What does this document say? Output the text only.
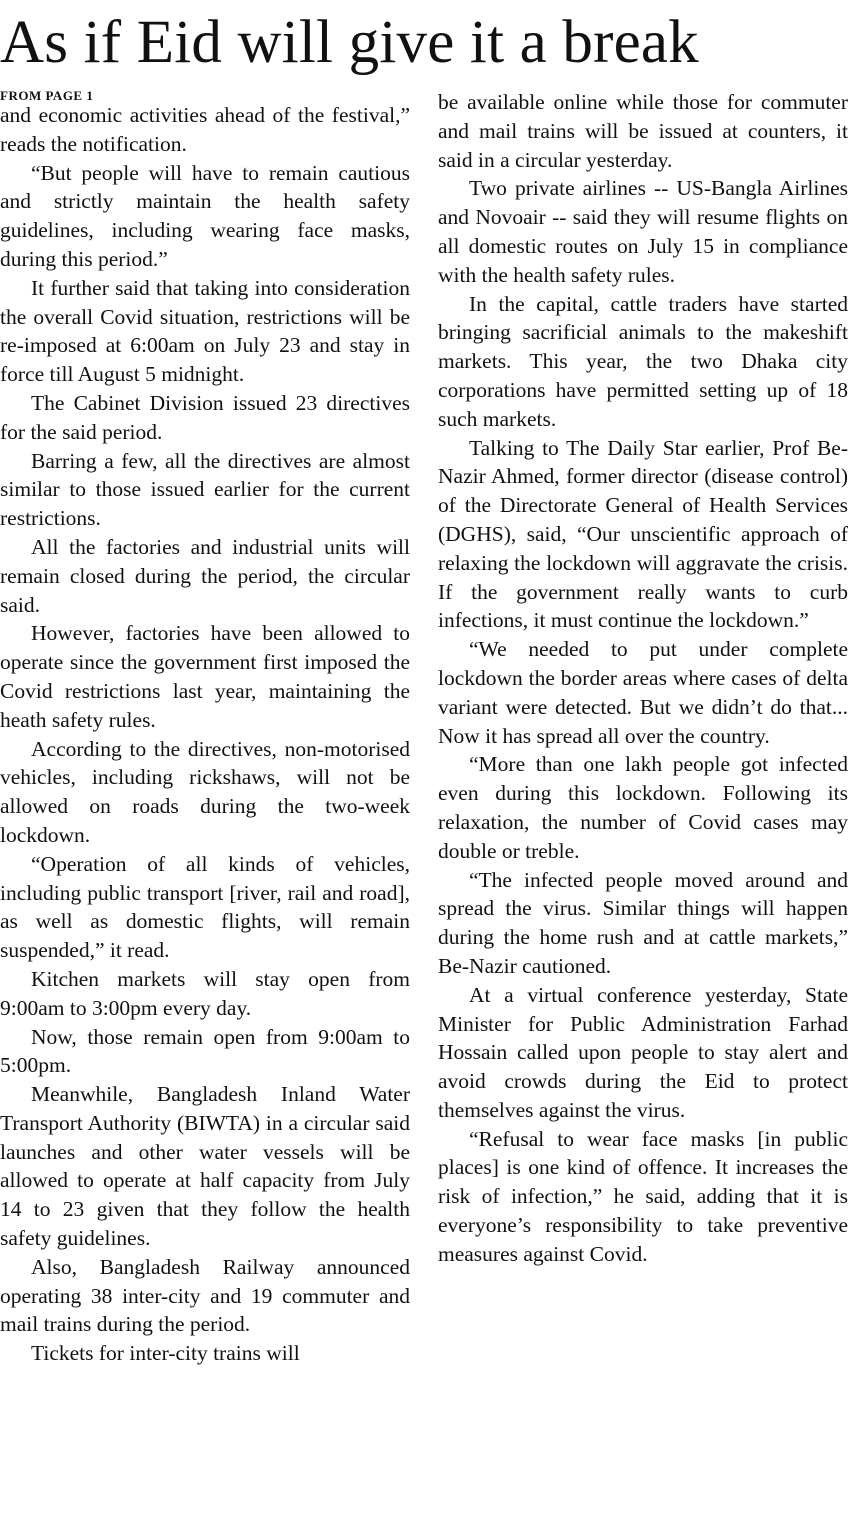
As if Eid will give it a break
FROM PAGE 1

and economic activities ahead of the festival,” reads the notification.

“But people will have to remain cautious and strictly maintain the health safety guidelines, including wearing face masks, during this period.”

It further said that taking into consideration the overall Covid situation, restrictions will be re-imposed at 6:00am on July 23 and stay in force till August 5 midnight.

The Cabinet Division issued 23 directives for the said period.

Barring a few, all the directives are almost similar to those issued earlier for the current restrictions.

All the factories and industrial units will remain closed during the period, the circular said.

However, factories have been allowed to operate since the government first imposed the Covid restrictions last year, maintaining the heath safety rules.

According to the directives, non-motorised vehicles, including rickshaws, will not be allowed on roads during the two-week lockdown.

“Operation of all kinds of vehicles, including public transport [river, rail and road], as well as domestic flights, will remain suspended,” it read.

Kitchen markets will stay open from 9:00am to 3:00pm every day.

Now, those remain open from 9:00am to 5:00pm.

Meanwhile, Bangladesh Inland Water Transport Authority (BIWTA) in a circular said launches and other water vessels will be allowed to operate at half capacity from July 14 to 23 given that they follow the health safety guidelines.

Also, Bangladesh Railway announced operating 38 inter-city and 19 commuter and mail trains during the period.

Tickets for inter-city trains will

be available online while those for commuter and mail trains will be issued at counters, it said in a circular yesterday.

Two private airlines -- US-Bangla Airlines and Novoair -- said they will resume flights on all domestic routes on July 15 in compliance with the health safety rules.

In the capital, cattle traders have started bringing sacrificial animals to the makeshift markets. This year, the two Dhaka city corporations have permitted setting up of 18 such markets.

Talking to The Daily Star earlier, Prof Be-Nazir Ahmed, former director (disease control) of the Directorate General of Health Services (DGHS), said, “Our unscientific approach of relaxing the lockdown will aggravate the crisis. If the government really wants to curb infections, it must continue the lockdown.”

“We needed to put under complete lockdown the border areas where cases of delta variant were detected. But we didn’t do that... Now it has spread all over the country.

“More than one lakh people got infected even during this lockdown. Following its relaxation, the number of Covid cases may double or treble.

“The infected people moved around and spread the virus. Similar things will happen during the home rush and at cattle markets,” Be-Nazir cautioned.

At a virtual conference yesterday, State Minister for Public Administration Farhad Hossain called upon people to stay alert and avoid crowds during the Eid to protect themselves against the virus.

“Refusal to wear face masks [in public places] is one kind of offence. It increases the risk of infection,” he said, adding that it is everyone’s responsibility to take preventive measures against Covid.
